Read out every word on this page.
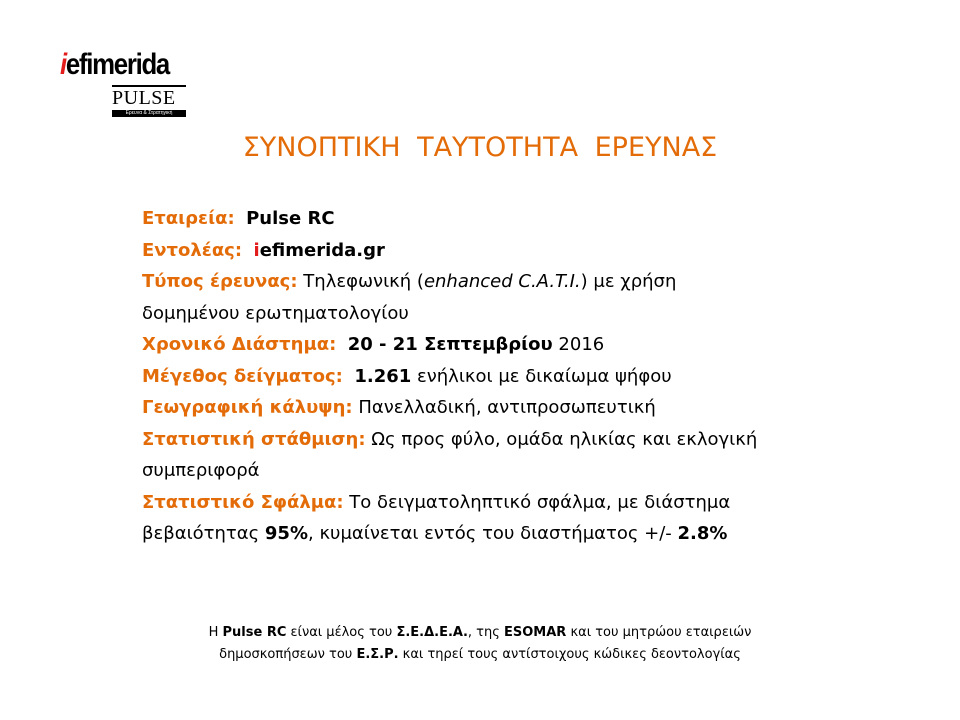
iefimerida
PULSE
Ερευνα & Στρατηγική
ΣΥΝΟΠΤΙΚΗ ΤΑΥΤΟΤΗΤΑ ΕΡΕΥΝΑΣ
Εταιρεία: Pulse RC
Εντολέας: iefimerida.gr
Τύπος έρευνας: Τηλεφωνική (enhanced C.A.T.I.) με χρήση
δομημένου ερωτηματολογίου
Χρονικό Διάστημα: 20 - 21 Σεπτεμβρίου 2016
Μέγεθος δείγματος: 1.261 ενήλικοι με δικαίωμα ψήφου
Γεωγραφική κάλυψη: Πανελλαδική, αντιπροσωπευτική
Στατιστική στάθμιση: Ως προς φύλο, ομάδα ηλικίας και εκλογική
συμπεριφορά
Στατιστικό Σφάλμα: Το δειγματοληπτικό σφάλμα, με διάστημα
βεβαιότητας 95%, κυμαίνεται εντός του διαστήματος +/- 2.8%
Η Pulse RC είναι μέλος του Σ.Ε.Δ.Ε.Α., της ESOMAR και του μητρώου εταιρειών
δημοσκοπήσεων του Ε.Σ.Ρ. και τηρεί τους αντίστοιχους κώδικες δεοντολογίας
